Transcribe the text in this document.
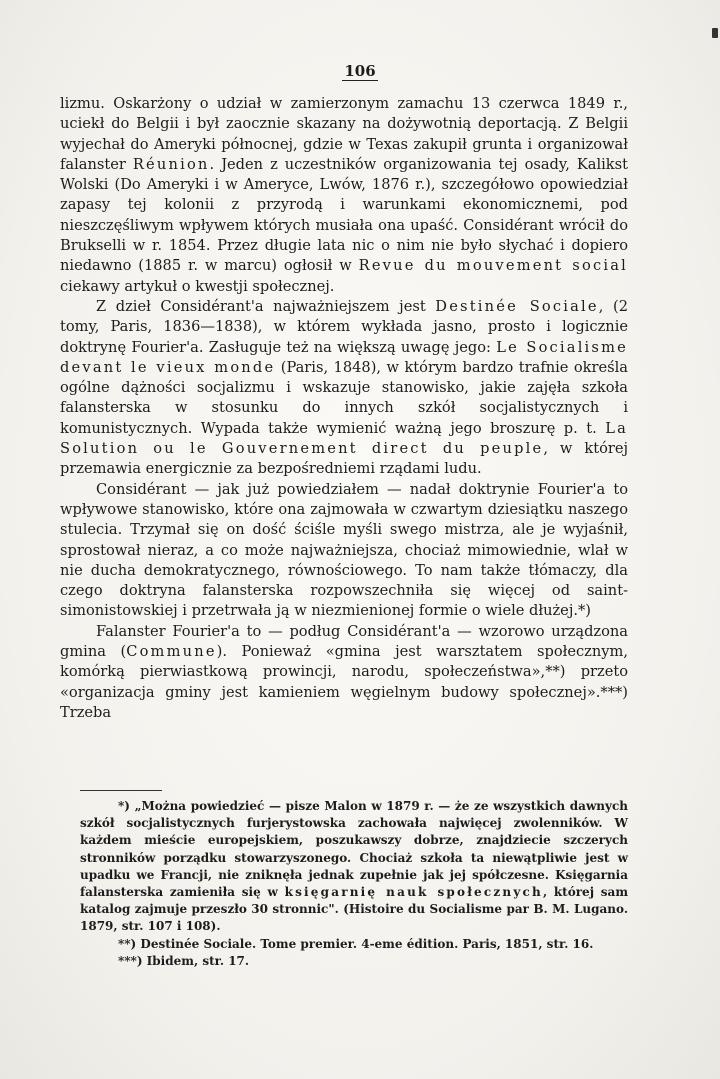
106

lizmu. Oskarżony o udział w zamierzonym zamachu 13 czerwca 1849 r., uciekł do Belgii i był zaocznie skazany na dożywotnią deportacją. Z Belgii wyjechał do Ameryki północnej, gdzie w Texas zakupił grunta i organizował falanster Réunion. Jeden z uczestników organizowania tej osady, Kalikst Wolski (Do Ameryki i w Ameryce, Lwów, 1876 r.), szczegółowo opowiedział zapasy tej kolonii z przyrodą i warunkami ekonomicznemi, pod nieszczęśliwym wpływem których musiała ona upaść. Considérant wrócił do Brukselli w r. 1854. Przez długie lata nic o nim nie było słychać i dopiero niedawno (1885 r. w marcu) ogłosił w Revue du mouvement social ciekawy artykuł o kwestji społecznej.

Z dzieł Considérant'a najważniejszem jest Destinée Sociale, (2 tomy, Paris, 1836—1838), w którem wykłada jasno, prosto i logicznie doktrynę Fourier'a. Zasługuje też na większą uwagę jego: Le Socialisme devant le vieux monde (Paris, 1848), w którym bardzo trafnie określa ogólne dążności socjalizmu i wskazuje stanowisko, jakie zajęła szkoła falansterska w stosunku do innych szkół socjalistycznych i komunistycznych. Wypada także wymienić ważną jego broszurę p. t. La Solution ou le Gouvernement direct du peuple, w której przemawia energicznie za bezpośredniemi rządami ludu.

Considérant — jak już powiedziałem — nadał doktrynie Fourier'a to wpływowe stanowisko, które ona zajmowała w czwartym dziesiątku naszego stulecia. Trzymał się on dość ściśle myśli swego mistrza, ale je wyjaśnił, sprostował nieraz, a co może najważniejsza, chociaż mimowiednie, wlał w nie ducha demokratycznego, równościowego. To nam także tłómaczy, dla czego doktryna falansterska rozpowszechniła się więcej od saint-simonistowskiej i przetrwała ją w niezmienionej formie o wiele dłużej.*)

Falanster Fourier'a to — podług Considérant'a — wzorowo urządzona gmina (Commune). Ponieważ «gmina jest warsztatem społecznym, komórką pierwiastkową prowincji, narodu, społeczeństwa»,**) przeto «organizacja gminy jest kamieniem węgielnym budowy społecznej».***) Trzeba

*) „Można powiedzieć — pisze Malon w 1879 r. — że ze wszystkich dawnych szkół socjalistycznych furjerystowska zachowała najwięcej zwolenników. W każdem mieście europejskiem, poszukawszy dobrze, znajdziecie szczerych stronników porządku stowarzyszonego. Chociaż szkoła ta niewątpliwie jest w upadku we Francji, nie zniknęła jednak zupełnie jak jej spółczesne. Księgarnia falansterska zamieniła się w księgarnię nauk społecznych, której sam katalog zajmuje przeszło 30 stronnic". (Histoire du Socialisme par B. M. Lugano. 1879, str. 107 i 108).

**) Destinée Sociale. Tome premier. 4-eme édition. Paris, 1851, str. 16.

***) Ibidem, str. 17.
